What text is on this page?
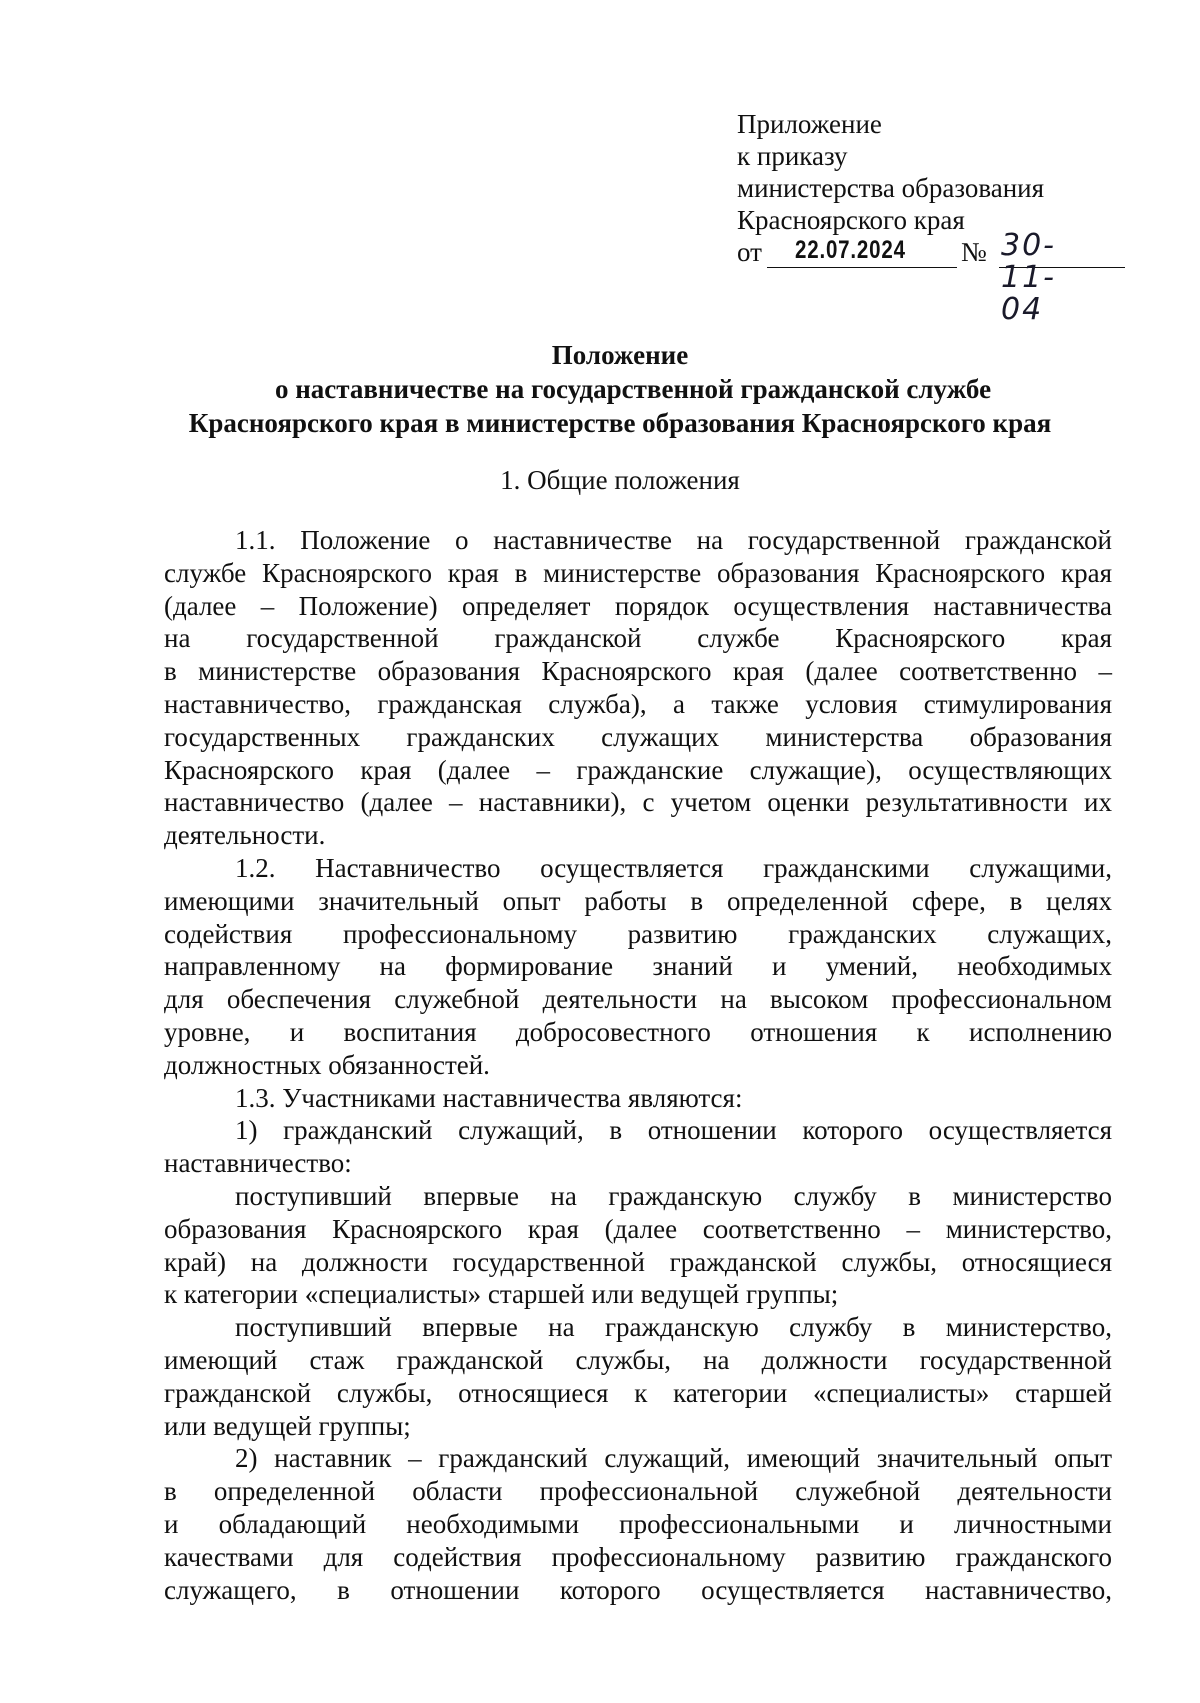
Приложение
к приказу
министерства образования
Красноярского края
от 22.07.2024 № 30-11-04
Положение
о наставничестве на государственной гражданской службе
Красноярского края в министерстве образования Красноярского края
1. Общие положения
1.1. Положение о наставничестве на государственной гражданской
службе Красноярского края в министерстве образования Красноярского края
(далее – Положение) определяет порядок осуществления наставничества
на государственной гражданской службе Красноярского края
в министерстве образования Красноярского края (далее соответственно –
наставничество, гражданская служба), а также условия стимулирования
государственных гражданских служащих министерства образования
Красноярского края (далее – гражданские служащие), осуществляющих
наставничество (далее – наставники), с учетом оценки результативности их
деятельности.
1.2. Наставничество осуществляется гражданскими служащими,
имеющими значительный опыт работы в определенной сфере, в целях
содействия профессиональному развитию гражданских служащих,
направленному на формирование знаний и умений, необходимых
для обеспечения служебной деятельности на высоком профессиональном
уровне, и воспитания добросовестного отношения к исполнению
должностных обязанностей.
1.3. Участниками наставничества являются:
1) гражданский служащий, в отношении которого осуществляется
наставничество:
поступивший впервые на гражданскую службу в министерство
образования Красноярского края (далее соответственно – министерство,
край) на должности государственной гражданской службы, относящиеся
к категории «специалисты» старшей или ведущей группы;
поступивший впервые на гражданскую службу в министерство,
имеющий стаж гражданской службы, на должности государственной
гражданской службы, относящиеся к категории «специалисты» старшей
или ведущей группы;
2) наставник – гражданский служащий, имеющий значительный опыт
в определенной области профессиональной служебной деятельности
и обладающий необходимыми профессиональными и личностными
качествами для содействия профессиональному развитию гражданского
служащего, в отношении которого осуществляется наставничество,
